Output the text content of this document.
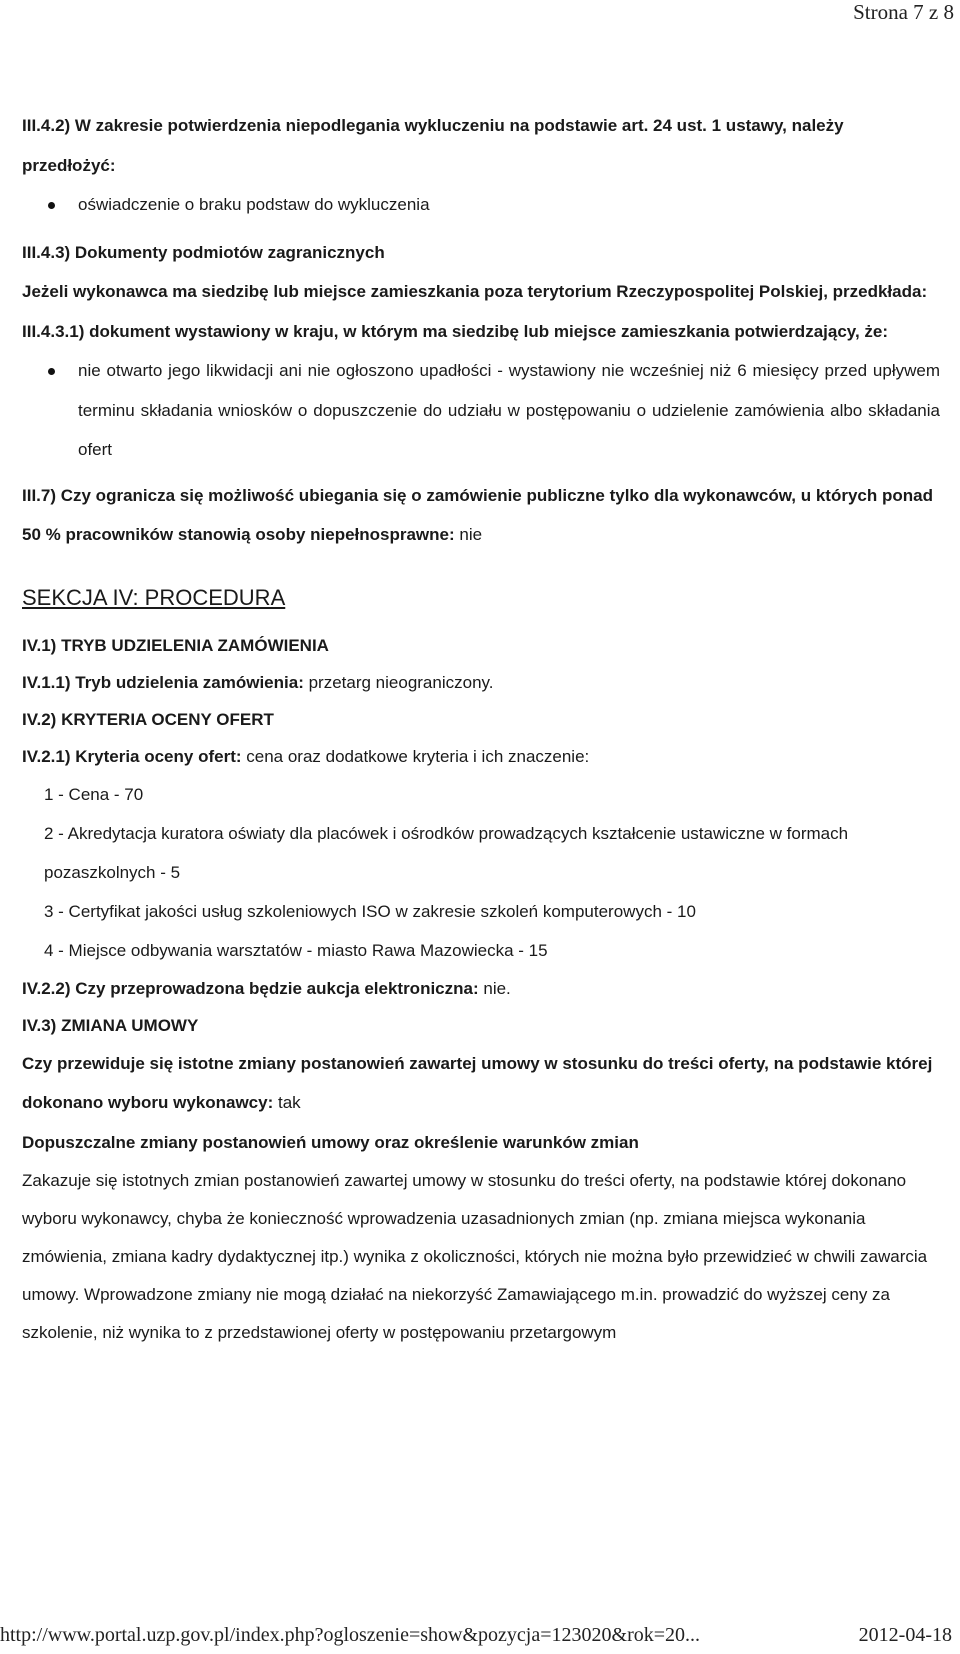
Strona 7 z 8

III.4.2) W zakresie potwierdzenia niepodlegania wykluczeniu na podstawie art. 24 ust. 1 ustawy, należy przedłożyć:

oświadczenie o braku podstaw do wykluczenia

III.4.3) Dokumenty podmiotów zagranicznych

Jeżeli wykonawca ma siedzibę lub miejsce zamieszkania poza terytorium Rzeczypospolitej Polskiej, przedkłada:

III.4.3.1) dokument wystawiony w kraju, w którym ma siedzibę lub miejsce zamieszkania potwierdzający, że:

nie otwarto jego likwidacji ani nie ogłoszono upadłości - wystawiony nie wcześniej niż 6 miesięcy przed upływem terminu składania wniosków o dopuszczenie do udziału w postępowaniu o udzielenie zamówienia albo składania ofert

III.7) Czy ogranicza się możliwość ubiegania się o zamówienie publiczne tylko dla wykonawców, u których ponad 50 % pracowników stanowią osoby niepełnosprawne: nie

SEKCJA IV: PROCEDURA

IV.1) TRYB UDZIELENIA ZAMÓWIENIA

IV.1.1) Tryb udzielenia zamówienia: przetarg nieograniczony.

IV.2) KRYTERIA OCENY OFERT

IV.2.1) Kryteria oceny ofert: cena oraz dodatkowe kryteria i ich znaczenie:

1 - Cena - 70
2 - Akredytacja kuratora oświaty dla placówek i ośrodków prowadzących kształcenie ustawiczne w formach pozaszkolnych - 5
3 - Certyfikat jakości usług szkoleniowych ISO w zakresie szkoleń komputerowych - 10
4 - Miejsce odbywania warsztatów - miasto Rawa Mazowiecka - 15

IV.2.2) Czy przeprowadzona będzie aukcja elektroniczna: nie.

IV.3) ZMIANA UMOWY

Czy przewiduje się istotne zmiany postanowień zawartej umowy w stosunku do treści oferty, na podstawie której dokonano wyboru wykonawcy: tak

Dopuszczalne zmiany postanowień umowy oraz określenie warunków zmian

Zakazuje się istotnych zmian postanowień zawartej umowy w stosunku do treści oferty, na podstawie której dokonano wyboru wykonawcy, chyba że konieczność wprowadzenia uzasadnionych zmian (np. zmiana miejsca wykonania zmówienia, zmiana kadry dydaktycznej itp.) wynika z okoliczności, których nie można było przewidzieć w chwili zawarcia umowy. Wprowadzone zmiany nie mogą działać na niekorzyść Zamawiającego m.in. prowadzić do wyższej ceny za szkolenie, niż wynika to z przedstawionej oferty w postępowaniu przetargowym

http://www.portal.uzp.gov.pl/index.php?ogloszenie=show&pozycja=123020&rok=20...	2012-04-18
